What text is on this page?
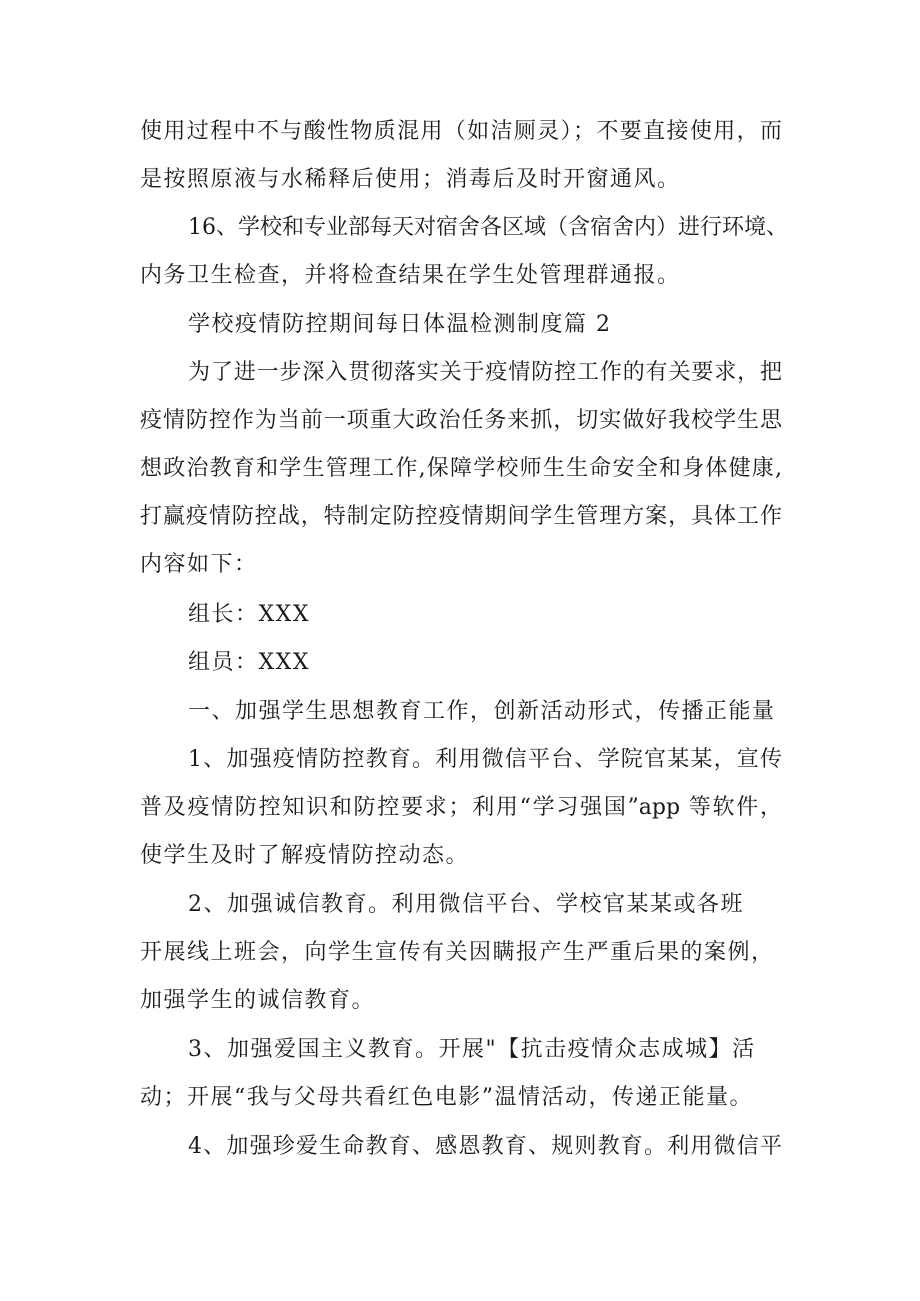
使用过程中不与酸性物质混用（如洁厕灵）；不要直接使用，而
是按照原液与水稀释后使用；消毒后及时开窗通风。
16、学校和专业部每天对宿舍各区域（含宿舍内）进行环境、
内务卫生检查，并将检查结果在学生处管理群通报。
学校疫情防控期间每日体温检测制度篇 2
为了进一步深入贯彻落实关于疫情防控工作的有关要求，把
疫情防控作为当前一项重大政治任务来抓，切实做好我校学生思
想政治教育和学生管理工作,保障学校师生生命安全和身体健康,
打赢疫情防控战，特制定防控疫情期间学生管理方案，具体工作
内容如下：
组长：XXX
组员：XXX
一、加强学生思想教育工作，创新活动形式，传播正能量
1、加强疫情防控教育。利用微信平台、学院官某某，宣传
普及疫情防控知识和防控要求；利用“学习强国”app 等软件，
使学生及时了解疫情防控动态。
2、加强诚信教育。利用微信平台、学校官某某或各班
开展线上班会，向学生宣传有关因瞒报产生严重后果的案例，
加强学生的诚信教育。
3、加强爱国主义教育。开展"【抗击疫情众志成城】活
动；开展“我与父母共看红色电影”温情活动，传递正能量。
4、加强珍爱生命教育、感恩教育、规则教育。利用微信平
